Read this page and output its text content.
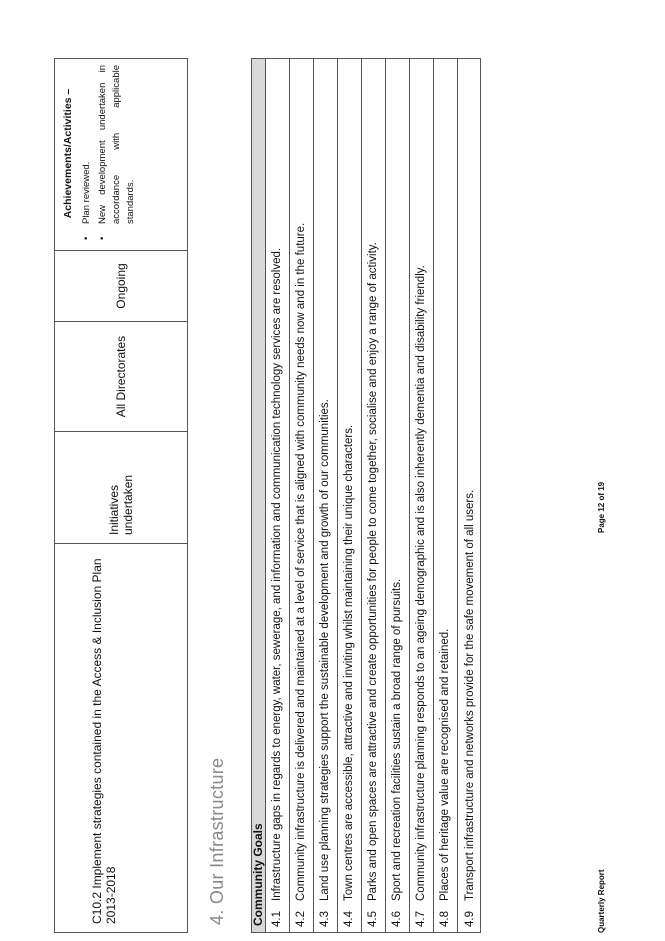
C10.2 Implement strategies contained in the Access & Inclusion Plan 2013-2018
Initiatives undertaken
All Directorates
Ongoing
Achievements/Activities – • Plan reviewed. • New development undertaken in accordance with applicable standards.
4. Our Infrastructure Community Goals 4.1
Infrastructure gaps in regards to energy, water, sewerage, and information and communication technology services are resolved.
4.2
Community infrastructure is delivered and maintained at a level of service that is aligned with community needs now and in the future.
4.3
Land use planning strategies support the sustainable development and growth of our communities.
4.4
Town centres are accessible, attractive and inviting whilst maintaining their unique characters.
4.5
Parks and open spaces are attractive and create opportunities for people to come together, socialise and enjoy a range of activity.
4.6
Sport and recreation facilities sustain a broad range of pursuits.
4.7
Community infrastructure planning responds to an ageing demographic and is also inherently dementia and disability friendly.
4.8
Places of heritage value are recognised and retained.
4.9
Transport infrastructure and networks provide for the safe movement of all users.
Quarterly Report
Page 12 of 19
